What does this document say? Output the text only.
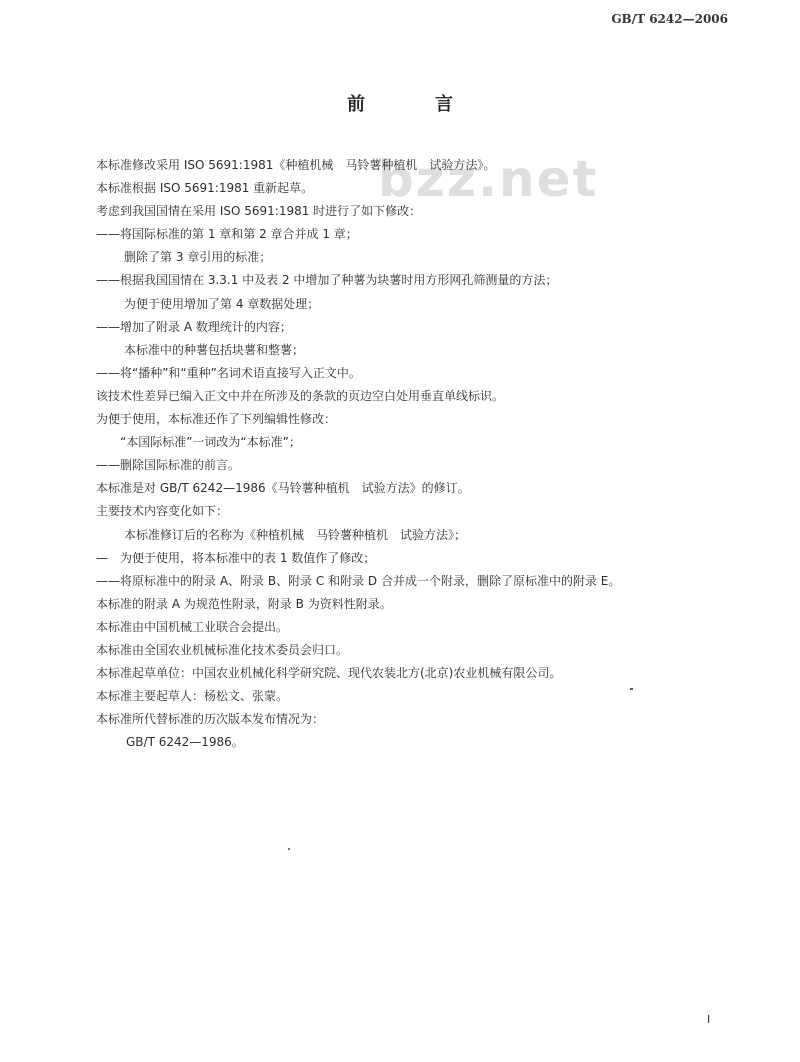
GB/T 6242—2006
前　言
bzz.net
本标准修改采用 ISO 5691:1981《种植机械　马铃薯种植机　试验方法》。
本标准根据 ISO 5691:1981 重新起草。
考虑到我国国情在采用 ISO 5691:1981 时进行了如下修改：
——将国际标准的第 1 章和第 2 章合并成 1 章；
删除了第 3 章引用的标准；
——根据我国国情在 3.3.1 中及表 2 中增加了种薯为块薯时用方形网孔筛测量的方法；
为便于使用增加了第 4 章数据处理；
——增加了附录 A 数理统计的内容；
本标准中的种薯包括块薯和整薯；
——将“播种”和“重种”名词术语直接写入正文中。
该技术性差异已编入正文中并在所涉及的条款的页边空白处用垂直单线标识。
为便于使用，本标准还作了下列编辑性修改：
“本国际标准”一词改为“本标准”；
——删除国际标准的前言。
本标准是对 GB/T 6242—1986《马铃薯种植机　试验方法》的修订。
主要技术内容变化如下：
本标准修订后的名称为《种植机械　马铃薯种植机　试验方法》；
—　为便于使用，将本标准中的表 1 数值作了修改；
——将原标准中的附录 A、附录 B、附录 C 和附录 D 合并成一个附录，删除了原标准中的附录 E。
本标准的附录 A 为规范性附录，附录 B 为资料性附录。
本标准由中国机械工业联合会提出。
本标准由全国农业机械标准化技术委员会归口。
本标准起草单位：中国农业机械化科学研究院、现代农装北方(北京)农业机械有限公司。
本标准主要起草人：杨松文、张蒙。
本标准所代替标准的历次版本发布情况为：
GB/T 6242—1986。
I
